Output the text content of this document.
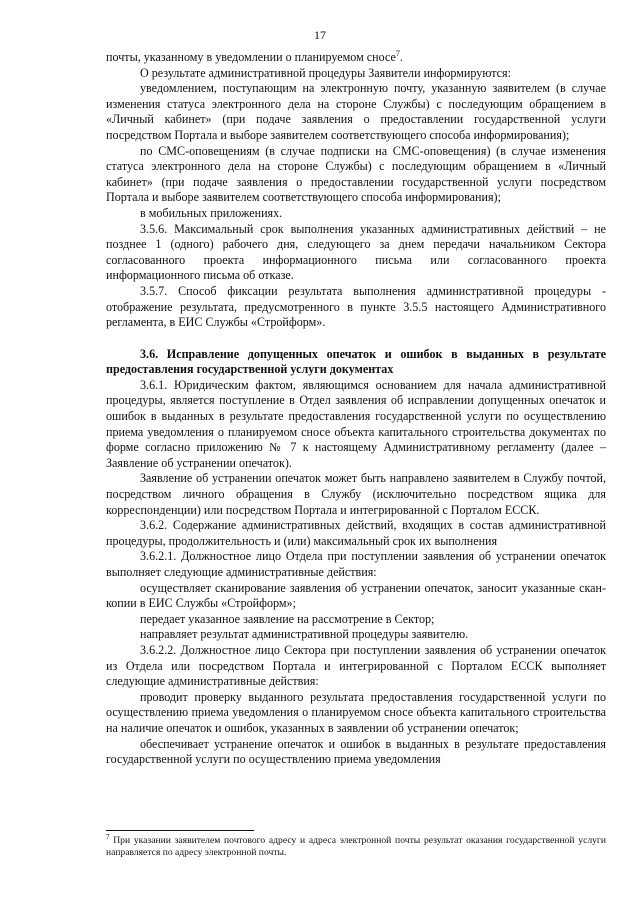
17

почты, указанному в уведомлении о планируемом сносе$^7$.

О результате административной процедуры Заявители информируются:

уведомлением, поступающим на электронную почту, указанную заявителем (в случае изменения статуса электронного дела на стороне Службы) с последующим обращением в «Личный кабинет» (при подаче заявления о предоставлении государственной услуги посредством Портала и выборе заявителем соответствующего способа информирования);

по СМС-оповещениям (в случае подписки на СМС-оповещения) (в случае изменения статуса электронного дела на стороне Службы) с последующим обращением в «Личный кабинет» (при подаче заявления о предоставлении государственной услуги посредством Портала и выборе заявителем соответствующего способа информирования);

в мобильных приложениях.

3.5.6. Максимальный срок выполнения указанных административных действий – не позднее 1 (одного) рабочего дня, следующего за днем передачи начальником Сектора согласованного проекта информационного письма или согласованного проекта информационного письма об отказе.

3.5.7. Способ фиксации результата выполнения административной процедуры - отображение результата, предусмотренного в пункте 3.5.5 настоящего Административного регламента, в ЕИС Службы «Стройформ».

3.6. Исправление допущенных опечаток и ошибок в выданных в результате предоставления государственной услуги документах

3.6.1. Юридическим фактом, являющимся основанием для начала административной процедуры, является поступление в Отдел заявления об исправлении допущенных опечаток и ошибок в выданных в результате предоставления государственной услуги по осуществлению приема уведомления о планируемом сносе объекта капитального строительства документах по форме согласно приложению № 7 к настоящему Административному регламенту (далее – Заявление об устранении опечаток).

Заявление об устранении опечаток может быть направлено заявителем в Службу почтой, посредством личного обращения в Службу (исключительно посредством ящика для корреспонденции) или посредством Портала и интегрированной с Порталом ЕССК.

3.6.2. Содержание административных действий, входящих в состав административной процедуры, продолжительность и (или) максимальный срок их выполнения

3.6.2.1. Должностное лицо Отдела при поступлении заявления об устранении опечаток выполняет следующие административные действия:

осуществляет сканирование заявления об устранении опечаток, заносит указанные скан-копии в ЕИС Службы «Стройформ»;

передает указанное заявление на рассмотрение в Сектор;

направляет результат административной процедуры заявителю.

3.6.2.2. Должностное лицо Сектора при поступлении заявления об устранении опечаток из Отдела или посредством Портала и интегрированной с Порталом ЕССК выполняет следующие административные действия:

проводит проверку выданного результата предоставления государственной услуги по осуществлению приема уведомления о планируемом сносе объекта капитального строительства на наличие опечаток и ошибок, указанных в заявлении об устранении опечаток;

обеспечивает устранение опечаток и ошибок в выданных в результате предоставления государственной услуги по осуществлению приема уведомления

$^7$ При указании заявителем почтового адресу и адреса электронной почты результат оказания государственной услуги направляется по адресу электронной почты.
